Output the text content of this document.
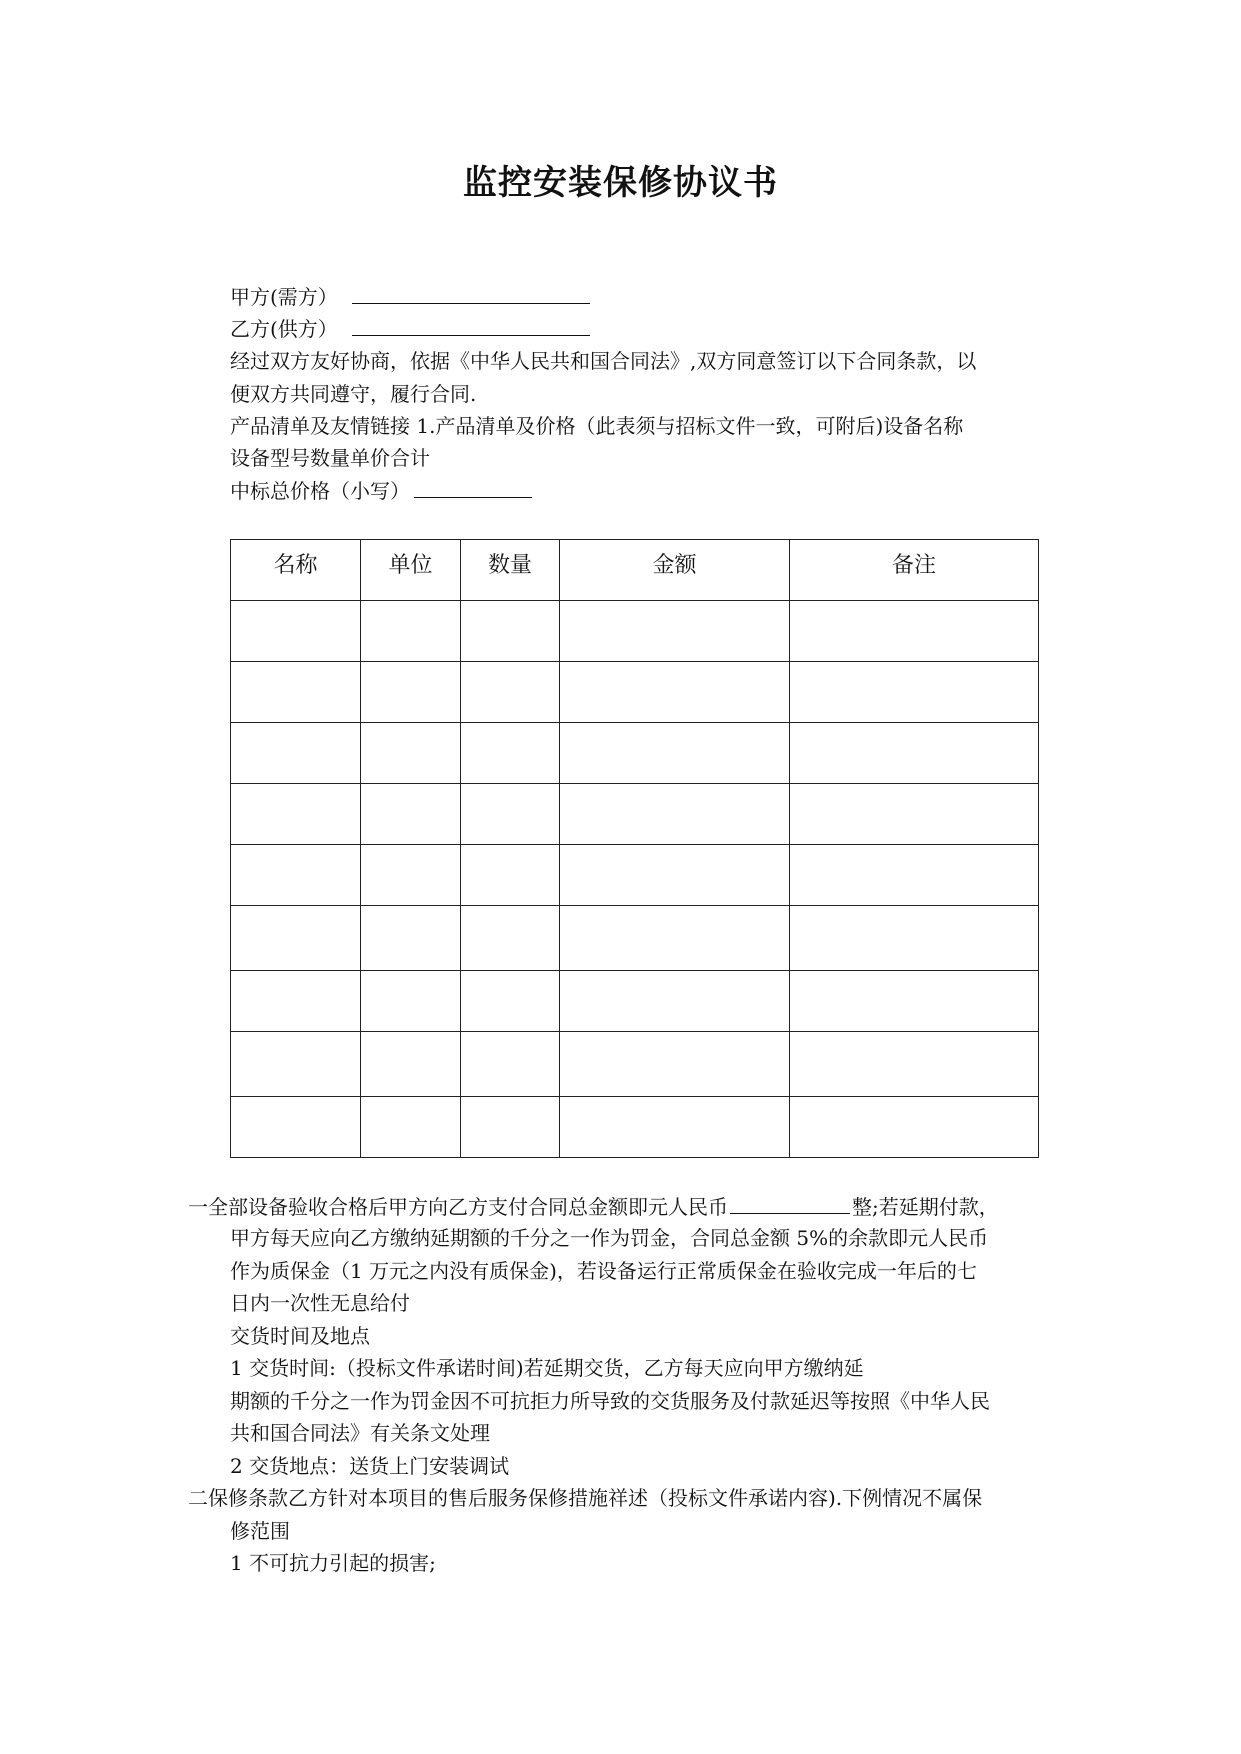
监控安装保修协议书
甲方(需方）
乙方(供方）
经过双方友好协商，依据《中华人民共和国合同法》,双方同意签订以下合同条款，以
便双方共同遵守，履行合同.
产品清单及友情链接 1.产品清单及价格（此表须与招标文件一致，可附后)设备名称
设备型号数量单价合计
中标总价格（小写）
名称	单位	数量	金额	备注

一全部设备验收合格后甲方向乙方支付合同总金额即元人民币	整;若延期付款，
甲方每天应向乙方缴纳延期额的千分之一作为罚金，合同总金额 5%的余款即元人民币
作为质保金（1 万元之内没有质保金)，若设备运行正常质保金在验收完成一年后的七
日内一次性无息给付
交货时间及地点
1 交货时间:（投标文件承诺时间)若延期交货，乙方每天应向甲方缴纳延
期额的千分之一作为罚金因不可抗拒力所导致的交货服务及付款延迟等按照《中华人民
共和国合同法》有关条文处理
2 交货地点：送货上门安装调试
二保修条款乙方针对本项目的售后服务保修措施祥述（投标文件承诺内容).下例情况不属保
修范围
1 不可抗力引起的损害;
